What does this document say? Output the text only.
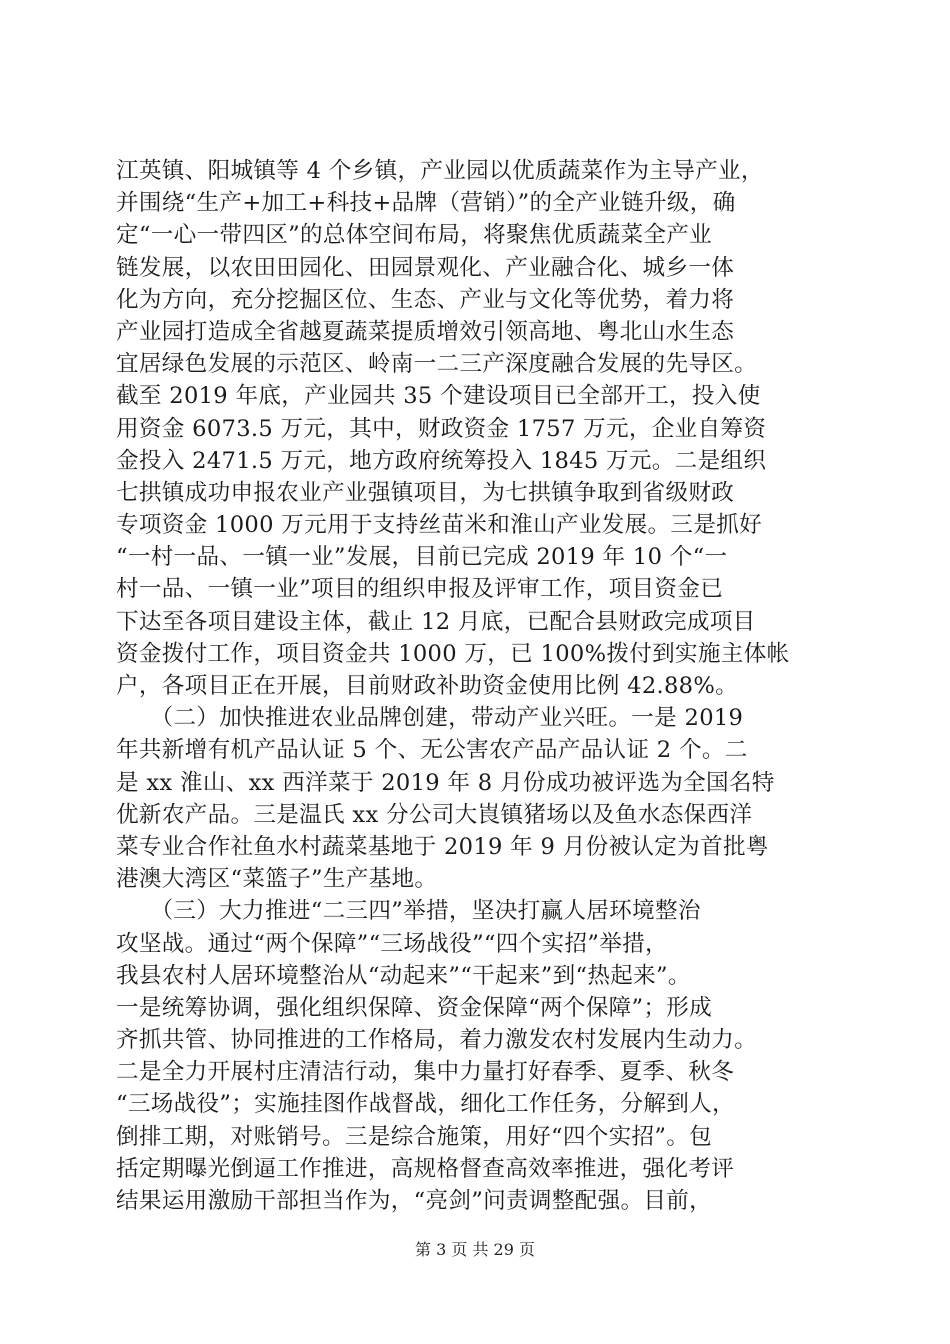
江英镇、阳城镇等 4 个乡镇，产业园以优质蔬菜作为主导产业，
并围绕“生产+加工+科技+品牌（营销）”的全产业链升级，确
定“一心一带四区”的总体空间布局，将聚焦优质蔬菜全产业
链发展，以农田田园化、田园景观化、产业融合化、城乡一体
化为方向，充分挖掘区位、生态、产业与文化等优势，着力将
产业园打造成全省越夏蔬菜提质增效引领高地、粤北山水生态
宜居绿色发展的示范区、岭南一二三产深度融合发展的先导区。
截至 2019 年底，产业园共 35 个建设项目已全部开工，投入使
用资金 6073.5 万元，其中，财政资金 1757 万元，企业自筹资
金投入 2471.5 万元，地方政府统筹投入 1845 万元。二是组织
七拱镇成功申报农业产业强镇项目，为七拱镇争取到省级财政
专项资金 1000 万元用于支持丝苗米和淮山产业发展。三是抓好
“一村一品、一镇一业”发展，目前已完成 2019 年 10 个“一
村一品、一镇一业”项目的组织申报及评审工作，项目资金已
下达至各项目建设主体，截止 12 月底，已配合县财政完成项目
资金拨付工作，项目资金共 1000 万，已 100%拨付到实施主体帐
户，各项目正在开展，目前财政补助资金使用比例 42.88%。
　　（二）加快推进农业品牌创建，带动产业兴旺。一是 2019
年共新增有机产品认证 5 个、无公害农产品产品认证 2 个。二
是 xx 淮山、xx 西洋菜于 2019 年 8 月份成功被评选为全国名特
优新农产品。三是温氏 xx 分公司大崀镇猪场以及鱼水态保西洋
菜专业合作社鱼水村蔬菜基地于 2019 年 9 月份被认定为首批粤
港澳大湾区“菜篮子”生产基地。
　　（三）大力推进“二三四”举措，坚决打赢人居环境整治
攻坚战。通过“两个保障”“三场战役”“四个实招”举措，
我县农村人居环境整治从“动起来”“干起来”到“热起来”。
一是统筹协调，强化组织保障、资金保障“两个保障”；形成
齐抓共管、协同推进的工作格局，着力激发农村发展内生动力。
二是全力开展村庄清洁行动，集中力量打好春季、夏季、秋冬
“三场战役”；实施挂图作战督战，细化工作任务，分解到人，
倒排工期，对账销号。三是综合施策，用好“四个实招”。包
括定期曝光倒逼工作推进，高规格督查高效率推进，强化考评
结果运用激励干部担当作为，“亮剑”问责调整配强。目前，
第 3 页 共 29 页
